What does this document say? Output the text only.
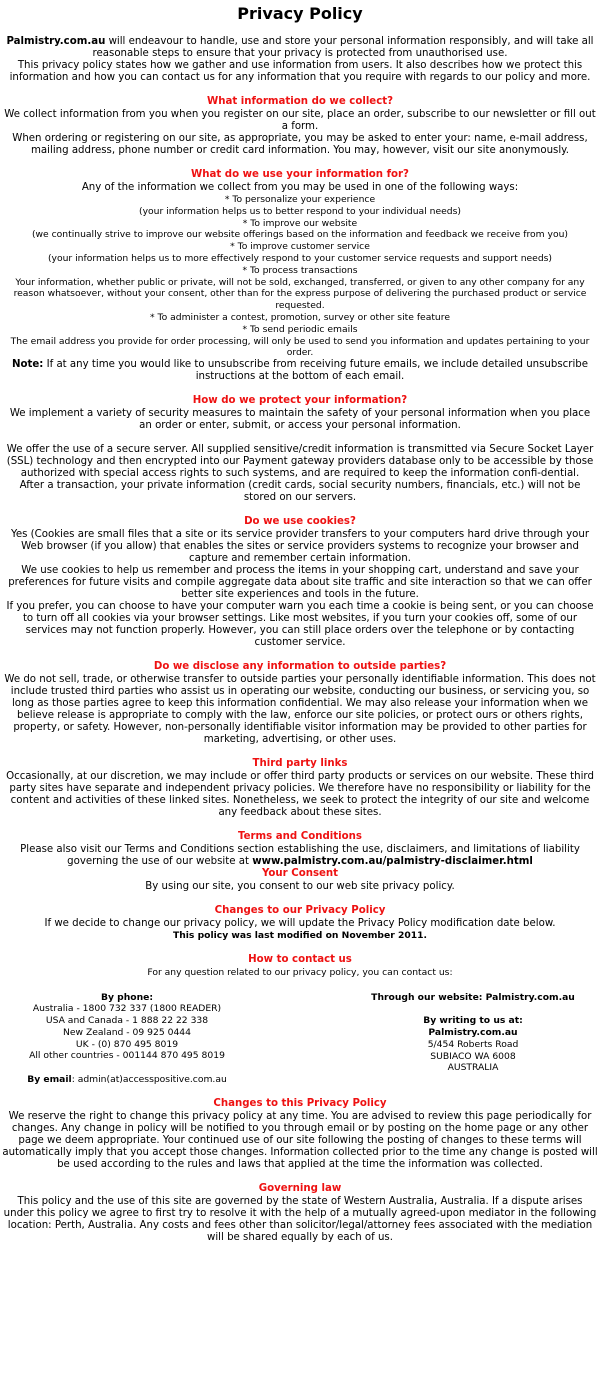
Privacy Policy

Palmistry.com.au will endeavour to handle, use and store your personal information responsibly, and will take all reasonable steps to ensure that your privacy is protected from unauthorised use.

This privacy policy states how we gather and use information from users. It also describes how we protect this information and how you can contact us for any information that you require with regards to our policy and more.

What information do we collect?

We collect information from you when you register on our site, place an order, subscribe to our newsletter or fill out a form.

When ordering or registering on our site, as appropriate, you may be asked to enter your: name, e-mail address, mailing address, phone number or credit card information. You may, however, visit our site anonymously.

What do we use your information for?

Any of the information we collect from you may be used in one of the following ways:

* To personalize your experience

(your information helps us to better respond to your individual needs)

* To improve our website

(we continually strive to improve our website offerings based on the information and feedback we receive from you)

* To improve customer service

(your information helps us to more effectively respond to your customer service requests and support needs)

* To process transactions

Your information, whether public or private, will not be sold, exchanged, transferred, or given to any other company for any reason whatsoever, without your consent, other than for the express purpose of delivering the purchased product or service requested.

* To administer a contest, promotion, survey or other site feature

* To send periodic emails

The email address you provide for order processing, will only be used to send you information and updates pertaining to your order.

Note: If at any time you would like to unsubscribe from receiving future emails, we include detailed unsubscribe instructions at the bottom of each email.

How do we protect your information?

We implement a variety of security measures to maintain the safety of your personal information when you place an order or enter, submit, or access your personal information.

We offer the use of a secure server. All supplied sensitive/credit information is transmitted via Secure Socket Layer (SSL) technology and then encrypted into our Payment gateway providers database only to be accessible by those authorized with special access rights to such systems, and are required to keep the information confi-dential.

After a transaction, your private information (credit cards, social security numbers, financials, etc.) will not be stored on our servers.

Do we use cookies?

Yes (Cookies are small files that a site or its service provider transfers to your computers hard drive through your Web browser (if you allow) that enables the sites or service providers systems to recognize your browser and capture and remember certain information.

We use cookies to help us remember and process the items in your shopping cart, understand and save your preferences for future visits and compile aggregate data about site traffic and site interaction so that we can offer better site experiences and tools in the future.

If you prefer, you can choose to have your computer warn you each time a cookie is being sent, or you can choose to turn off all cookies via your browser settings. Like most websites, if you turn your cookies off, some of our services may not function properly. However, you can still place orders over the telephone or by contacting customer service.

Do we disclose any information to outside parties?

We do not sell, trade, or otherwise transfer to outside parties your personally identifiable information. This does not include trusted third parties who assist us in operating our website, conducting our business, or servicing you, so long as those parties agree to keep this information confidential. We may also release your information when we believe release is appropriate to comply with the law, enforce our site policies, or protect ours or others rights, property, or safety. However, non-personally identifiable visitor information may be provided to other parties for marketing, advertising, or other uses.

Third party links

Occasionally, at our discretion, we may include or offer third party products or services on our website. These third party sites have separate and independent privacy policies. We therefore have no responsibility or liability for the content and activities of these linked sites. Nonetheless, we seek to protect the integrity of our site and welcome any feedback about these sites.

Terms and Conditions

Please also visit our Terms and Conditions section establishing the use, disclaimers, and limitations of liability governing the use of our website at www.palmistry.com.au/palmistry-disclaimer.html

Your Consent

By using our site, you consent to our web site privacy policy.

Changes to our Privacy Policy

If we decide to change our privacy policy, we will update the Privacy Policy modification date below.

This policy was last modified on November 2011.

How to contact us

For any question related to our privacy policy, you can contact us:

By phone:

Australia - 1800 732 337 (1800 READER)

USA and Canada - 1 888 22 22 338

New Zealand - 09 925 0444

UK - (0) 870 495 8019

All other countries - 001144 870 495 8019

By email: admin(at)accesspositive.com.au

Through our website: Palmistry.com.au

By writing to us at:

Palmistry.com.au

5/454 Roberts Road

SUBIACO WA 6008

AUSTRALIA

Changes to this Privacy Policy

We reserve the right to change this privacy policy at any time. You are advised to review this page periodically for changes. Any change in policy will be notified to you through email or by posting on the home page or any other page we deem appropriate. Your continued use of our site following the posting of changes to these terms will automatically imply that you accept those changes. Information collected prior to the time any change is posted will be used according to the rules and laws that applied at the time the information was collected.

Governing law

This policy and the use of this site are governed by the state of Western Australia, Australia. If a dispute arises under this policy we agree to first try to resolve it with the help of a mutually agreed-upon mediator in the following location: Perth, Australia. Any costs and fees other than solicitor/legal/attorney fees associated with the mediation will be shared equally by each of us.
